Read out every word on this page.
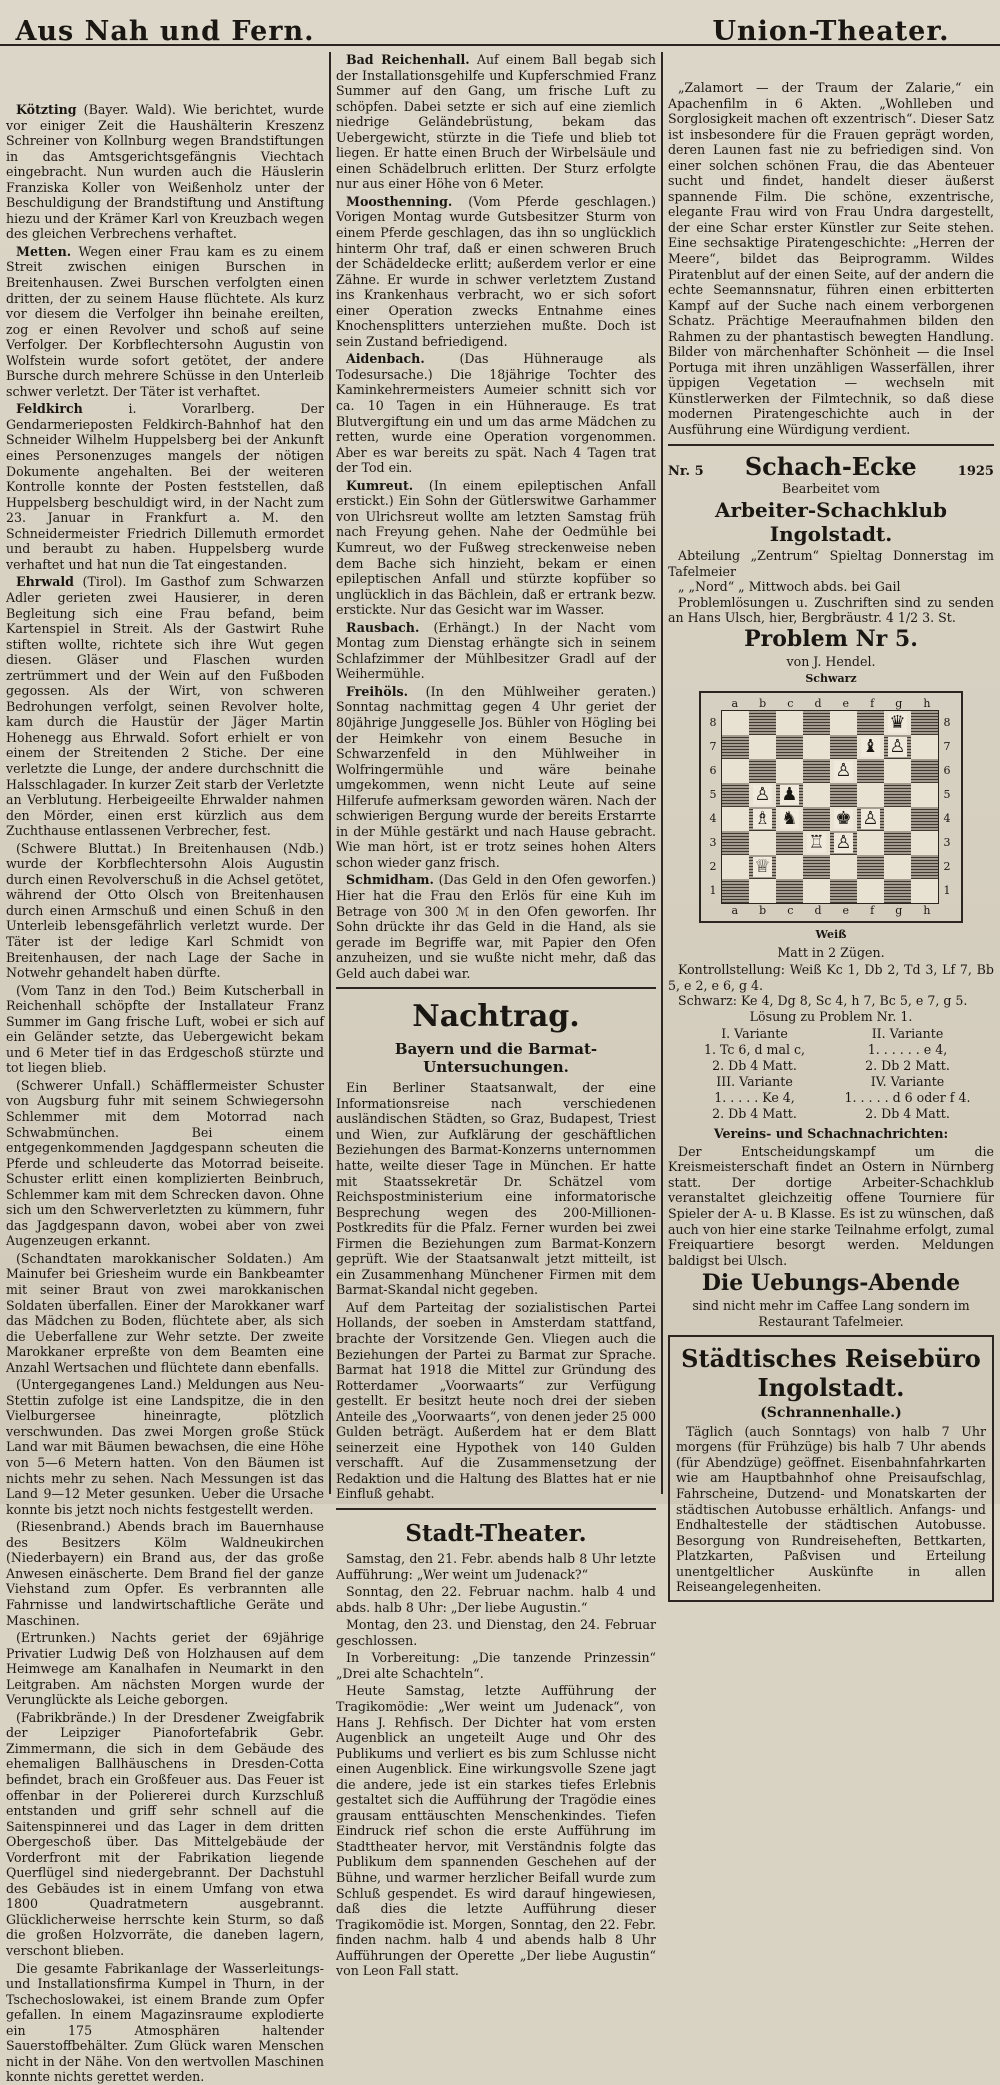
Aus Nah und Fern.

Kötzting (Bayer. Wald). Wie berichtet, wurde vor einiger Zeit die Haushälterin Kreszenz Schreiner von Kollnburg wegen Brandstiftungen in das Amtsgerichtsgefängnis Viechtach eingebracht. Nun wurden auch die Häuslerin Franziska Koller von Weißenholz unter der Beschuldigung der Brandstiftung und Anstiftung hiezu und der Krämer Karl von Kreuzbach wegen des gleichen Verbrechens verhaftet.

Metten. Wegen einer Frau kam es zu einem Streit zwischen einigen Burschen in Breitenhausen. Zwei Burschen verfolgten einen dritten, der zu seinem Hause flüchtete. Als kurz vor diesem die Verfolger ihn beinahe ereilten, zog er einen Revolver und schoß auf seine Verfolger. Der Korbflechtersohn Augustin von Wolfstein wurde sofort getötet, der andere Bursche durch mehrere Schüsse in den Unterleib schwer verletzt. Der Täter ist verhaftet.

Feldkirch i. Vorarlberg. Der Gendarmerieposten Feldkirch-Bahnhof hat den Schneider Wilhelm Huppelsberg bei der Ankunft eines Personenzuges mangels der nötigen Dokumente angehalten. Bei der weiteren Kontrolle konnte der Posten feststellen, daß Huppelsberg beschuldigt wird, in der Nacht zum 23. Januar in Frankfurt a. M. den Schneidermeister Friedrich Dillemuth ermordet und beraubt zu haben. Huppelsberg wurde verhaftet und hat nun die Tat eingestanden.

Ehrwald (Tirol). Im Gasthof zum Schwarzen Adler gerieten zwei Hausierer, in deren Begleitung sich eine Frau befand, beim Kartenspiel in Streit. Als der Gastwirt Ruhe stiften wollte, richtete sich ihre Wut gegen diesen. Gläser und Flaschen wurden zertrümmert und der Wein auf den Fußboden gegossen. Als der Wirt, von schweren Bedrohungen verfolgt, seinen Revolver holte, kam durch die Haustür der Jäger Martin Hohenegg aus Ehrwald. Sofort erhielt er von einem der Streitenden 2 Stiche. Der eine verletzte die Lunge, der andere durchschnitt die Halsschlagader. In kurzer Zeit starb der Verletzte an Verblutung. Herbeigeeilte Ehrwalder nahmen den Mörder, einen erst kürzlich aus dem Zuchthause entlassenen Verbrecher, fest.

(Schwere Bluttat.) In Breitenhausen (Ndb.) wurde der Korbflechtersohn Alois Augustin durch einen Revolverschuß in die Achsel getötet, während der Otto Olsch von Breitenhausen durch einen Armschuß und einen Schuß in den Unterleib lebensgefährlich verletzt wurde. Der Täter ist der ledige Karl Schmidt von Breitenhausen, der nach Lage der Sache in Notwehr gehandelt haben dürfte.

(Vom Tanz in den Tod.) Beim Kutscherball in Reichenhall schöpfte der Installateur Franz Summer im Gang frische Luft, wobei er sich auf ein Geländer setzte, das Uebergewicht bekam und 6 Meter tief in das Erdgeschoß stürzte und tot liegen blieb.

(Schwerer Unfall.) Schäfflermeister Schuster von Augsburg fuhr mit seinem Schwiegersohn Schlemmer mit dem Motorrad nach Schwabmünchen. Bei einem entgegenkommenden Jagdgespann scheuten die Pferde und schleuderte das Motorrad beiseite. Schuster erlitt einen komplizierten Beinbruch, Schlemmer kam mit dem Schrecken davon. Ohne sich um den Schwerverletzten zu kümmern, fuhr das Jagdgespann davon, wobei aber von zwei Augenzeugen erkannt.

(Schandtaten marokkanischer Soldaten.) Am Mainufer bei Griesheim wurde ein Bankbeamter mit seiner Braut von zwei marokkanischen Soldaten überfallen. Einer der Marokkaner warf das Mädchen zu Boden, flüchtete aber, als sich die Ueberfallene zur Wehr setzte. Der zweite Marokkaner erpreßte von dem Beamten eine Anzahl Wertsachen und flüchtete dann ebenfalls.

(Untergegangenes Land.) Meldungen aus Neu-Stettin zufolge ist eine Landspitze, die in den Vielburgersee hineinragte, plötzlich verschwunden. Das zwei Morgen große Stück Land war mit Bäumen bewachsen, die eine Höhe von 5—6 Metern hatten. Von den Bäumen ist nichts mehr zu sehen. Nach Messungen ist das Land 9—12 Meter gesunken. Ueber die Ursache konnte bis jetzt noch nichts festgestellt werden.

(Riesenbrand.) Abends brach im Bauernhause des Besitzers Kölm Waldneukirchen (Niederbayern) ein Brand aus, der das große Anwesen einäscherte. Dem Brand fiel der ganze Viehstand zum Opfer. Es verbrannten alle Fahrnisse und landwirtschaftliche Geräte und Maschinen.

(Ertrunken.) Nachts geriet der 69jährige Privatier Ludwig Deß von Holzhausen auf dem Heimwege am Kanalhafen in Neumarkt in den Leitgraben. Am nächsten Morgen wurde der Verunglückte als Leiche geborgen.

(Fabrikbrände.) In der Dresdener Zweigfabrik der Leipziger Pianofortefabrik Gebr. Zimmermann, die sich in dem Gebäude des ehemaligen Ballhäuschens in Dresden-Cotta befindet, brach ein Großfeuer aus. Das Feuer ist offenbar in der Poliererei durch Kurzschluß entstanden und griff sehr schnell auf die Saitenspinnerei und das Lager in dem dritten Obergeschoß über. Das Mittelgebäude der Vorderfront mit der Fabrikation liegende Querflügel sind niedergebrannt. Der Dachstuhl des Gebäudes ist in einem Umfang von etwa 1800 Quadratmetern ausgebrannt. Glücklicherweise herrschte kein Sturm, so daß die großen Holzvorräte, die daneben lagern, verschont blieben.

Die gesamte Fabrikanlage der Wasserleitungs- und Installationsfirma Kumpel in Thurn, in der Tschechoslowakei, ist einem Brande zum Opfer gefallen. In einem Magazinsraume explodierte ein 175 Atmosphären haltender Sauerstoffbehälter. Zum Glück waren Menschen nicht in der Nähe. Von den wertvollen Maschinen konnte nichts gerettet werden.

Bad Reichenhall. Auf einem Ball begab sich der Installationsgehilfe und Kupferschmied Franz Summer auf den Gang, um frische Luft zu schöpfen. Dabei setzte er sich auf eine ziemlich niedrige Geländebrüstung, bekam das Uebergewicht, stürzte in die Tiefe und blieb tot liegen. Er hatte einen Bruch der Wirbelsäule und einen Schädelbruch erlitten. Der Sturz erfolgte nur aus einer Höhe von 6 Meter.

Moosthenning. (Vom Pferde geschlagen.) Vorigen Montag wurde Gutsbesitzer Sturm von einem Pferde geschlagen, das ihn so unglücklich hinterm Ohr traf, daß er einen schweren Bruch der Schädeldecke erlitt; außerdem verlor er eine Zähne. Er wurde in schwer verletztem Zustand ins Krankenhaus verbracht, wo er sich sofort einer Operation zwecks Entnahme eines Knochensplitters unterziehen mußte. Doch ist sein Zustand befriedigend.

Aidenbach. (Das Hühnerauge als Todesursache.) Die 18jährige Tochter des Kaminkehrermeisters Aumeier schnitt sich vor ca. 10 Tagen in ein Hühnerauge. Es trat Blutvergiftung ein und um das arme Mädchen zu retten, wurde eine Operation vorgenommen. Aber es war bereits zu spät. Nach 4 Tagen trat der Tod ein.

Kumreut. (In einem epileptischen Anfall erstickt.) Ein Sohn der Gütlerswitwe Garhammer von Ulrichsreut wollte am letzten Samstag früh nach Freyung gehen. Nahe der Oedmühle bei Kumreut, wo der Fußweg streckenweise neben dem Bache sich hinzieht, bekam er einen epileptischen Anfall und stürzte kopfüber so unglücklich in das Bächlein, daß er ertrank bezw. erstickte. Nur das Gesicht war im Wasser.

Rausbach. (Erhängt.) In der Nacht vom Montag zum Dienstag erhängte sich in seinem Schlafzimmer der Mühlbesitzer Gradl auf der Weihermühle.

Freihöls. (In den Mühlweiher geraten.) Sonntag nachmittag gegen 4 Uhr geriet der 80jährige Junggeselle Jos. Bühler von Högling bei der Heimkehr von einem Besuche in Schwarzenfeld in den Mühlweiher in Wolfringermühle und wäre beinahe umgekommen, wenn nicht Leute auf seine Hilferufe aufmerksam geworden wären. Nach der schwierigen Bergung wurde der bereits Erstarrte in der Mühle gestärkt und nach Hause gebracht. Wie man hört, ist er trotz seines hohen Alters schon wieder ganz frisch.

Schmidham. (Das Geld in den Ofen geworfen.) Hier hat die Frau den Erlös für eine Kuh im Betrage von 300 ℳ in den Ofen geworfen. Ihr Sohn drückte ihr das Geld in die Hand, als sie gerade im Begriffe war, mit Papier den Ofen anzuheizen, und sie wußte nicht mehr, daß das Geld auch dabei war.

Nachtrag.
Bayern und die Barmat-Untersuchungen.

Ein Berliner Staatsanwalt, der eine Informationsreise nach verschiedenen ausländischen Städten, so Graz, Budapest, Triest und Wien, zur Aufklärung der geschäftlichen Beziehungen des Barmat-Konzerns unternommen hatte, weilte dieser Tage in München. Er hatte mit Staatssekretär Dr. Schätzel vom Reichspostministerium eine informatorische Besprechung wegen des 200-Millionen-Postkredits für die Pfalz. Ferner wurden bei zwei Firmen die Beziehungen zum Barmat-Konzern geprüft. Wie der Staatsanwalt jetzt mitteilt, ist ein Zusammenhang Münchener Firmen mit dem Barmat-Skandal nicht gegeben.

Auf dem Parteitag der sozialistischen Partei Hollands, der soeben in Amsterdam stattfand, brachte der Vorsitzende Gen. Vliegen auch die Beziehungen der Partei zu Barmat zur Sprache. Barmat hat 1918 die Mittel zur Gründung des Rotterdamer „Voorwaarts“ zur Verfügung gestellt. Er besitzt heute noch drei der sieben Anteile des „Voorwaarts“, von denen jeder 25 000 Gulden beträgt. Außerdem hat er dem Blatt seinerzeit eine Hypothek von 140 Gulden verschafft. Auf die Zusammensetzung der Redaktion und die Haltung des Blattes hat er nie Einfluß gehabt.

Stadt-Theater.

Samstag, den 21. Febr. abends halb 8 Uhr letzte Aufführung: „Wer weint um Judenack?“

Sonntag, den 22. Februar nachm. halb 4 und abds. halb 8 Uhr: „Der liebe Augustin.“

Montag, den 23. und Dienstag, den 24. Februar geschlossen.

In Vorbereitung: „Die tanzende Prinzessin“ „Drei alte Schachteln“.

Heute Samstag, letzte Aufführung der Tragikomödie: „Wer weint um Judenack“, von Hans J. Rehfisch. Der Dichter hat vom ersten Augenblick an ungeteilt Auge und Ohr des Publikums und verliert es bis zum Schlusse nicht einen Augenblick. Eine wirkungsvolle Szene jagt die andere, jede ist ein starkes tiefes Erlebnis gestaltet sich die Aufführung der Tragödie eines grausam enttäuschten Menschenkindes. Tiefen Eindruck rief schon die erste Aufführung im Stadttheater hervor, mit Verständnis folgte das Publikum dem spannenden Geschehen auf der Bühne, und warmer herzlicher Beifall wurde zum Schluß gespendet. Es wird darauf hingewiesen, daß dies die letzte Aufführung dieser Tragikomödie ist. Morgen, Sonntag, den 22. Febr. finden nachm. halb 4 und abends halb 8 Uhr Aufführungen der Operette „Der liebe Augustin“ von Leon Fall statt.

Union-Theater.

„Zalamort — der Traum der Zalarie,“ ein Apachenfilm in 6 Akten. „Wohlleben und Sorglosigkeit machen oft exzentrisch“. Dieser Satz ist insbesondere für die Frauen geprägt worden, deren Launen fast nie zu befriedigen sind. Von einer solchen schönen Frau, die das Abenteuer sucht und findet, handelt dieser äußerst spannende Film. Die schöne, exzentrische, elegante Frau wird von Frau Undra dargestellt, der eine Schar erster Künstler zur Seite stehen. Eine sechsaktige Piratengeschichte: „Herren der Meere“, bildet das Beiprogramm. Wildes Piratenblut auf der einen Seite, auf der andern die echte Seemannsnatur, führen einen erbitterten Kampf auf der Suche nach einem verborgenen Schatz. Prächtige Meeraufnahmen bilden den Rahmen zu der phantastisch bewegten Handlung. Bilder von märchenhafter Schönheit — die Insel Portuga mit ihren unzähligen Wasserfällen, ihrer üppigen Vegetation — wechseln mit Künstlerwerken der Filmtechnik, so daß diese modernen Piratengeschichte auch in der Ausführung eine Würdigung verdient.

Nr. 5 Schach-Ecke	1925

Bearbeitet vom

Arbeiter-Schachklub Ingolstadt.

Abteilung „Zentrum“ Spieltag Donnerstag im Tafelmeier

„ „Nord“ „ Mittwoch abds. bei Gail

Problemlösungen u. Zuschriften sind zu senden an Hans Ulsch, hier, Bergbräustr. 4 1/2 3. St.

Problem Nr 5.

von J. Hendel.

Schwarz

a b c d e f g h
8
7
6
5
4
3
2
1
♛
♝ ♙
♙
♙ ♟
♗ ♞ ♚ ♙
♖ ♙
♕
8
7
6
5
4
3
2
1
a b c d e f g h

Weiß

Matt in 2 Zügen.

Kontrollstellung: Weiß Kc 1, Db 2, Td 3, Lf 7, Bb 5, e 2, e 6, g 4.

Schwarz: Ke 4, Dg 8, Sc 4, h 7, Bc 5, e 7, g 5.

Lösung zu Problem Nr. 1.

I. Variante	II. Variante
1. Tc 6, d mal c,	1. . . . . . e 4,
2. Db 4 Matt.	2. Db 2 Matt.
III. Variante	IV. Variante
1. . . . . Ke 4,	1. . . . . d 6 oder f 4.
2. Db 4 Matt.	2. Db 4 Matt.

Vereins- und Schachnachrichten:

Der Entscheidungskampf um die Kreismeisterschaft findet an Ostern in Nürnberg statt. Der dortige Arbeiter-Schachklub veranstaltet gleichzeitig offene Tourniere für Spieler der A- u. B Klasse. Es ist zu wünschen, daß auch von hier eine starke Teilnahme erfolgt, zumal Freiquartiere besorgt werden. Meldungen baldigst bei Ulsch.

Die Uebungs-Abende

sind nicht mehr im Caffee Lang sondern im Restaurant Tafelmeier.

Städtisches Reisebüro Ingolstadt.

(Schrannenhalle.)

Täglich (auch Sonntags) von halb 7 Uhr morgens (für Frühzüge) bis halb 7 Uhr abends (für Abendzüge) geöffnet. Eisenbahnfahrkarten wie am Hauptbahnhof ohne Preisaufschlag, Fahrscheine, Dutzend- und Monatskarten der städtischen Autobusse erhältlich. Anfangs- und Endhaltestelle der städtischen Autobusse. Besorgung von Rundreiseheften, Bettkarten, Platzkarten, Paßvisen und Erteilung unentgeltlicher Auskünfte in allen Reiseangelegenheiten.
